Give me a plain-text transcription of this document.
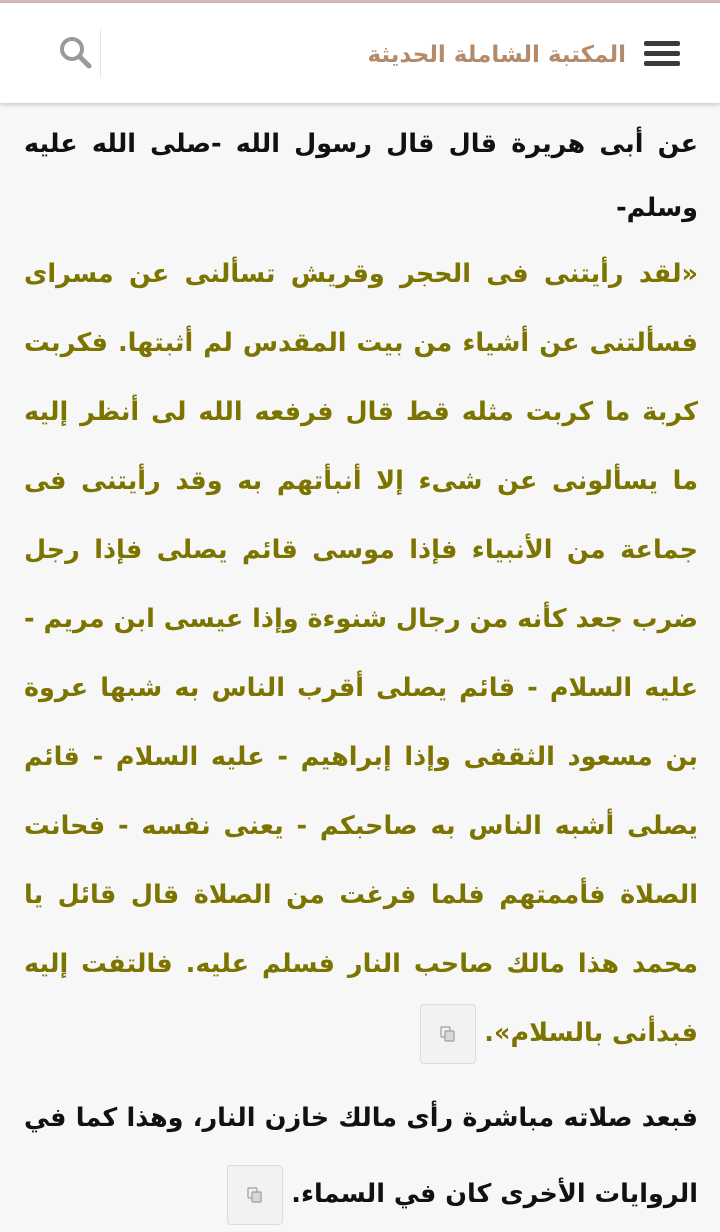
المكتبة الشاملة الحديثة

عن أبى هريرة قال قال رسول الله -صلى الله عليه وسلم-

«لقد رأيتنى فى الحجر وقريش تسألنى عن مسراى فسألتنى عن أشياء من بيت المقدس لم أثبتها. فكربت كربة ما كربت مثله قط قال فرفعه الله لى أنظر إليه ما يسألونى عن شىء إلا أنبأتهم به وقد رأيتنى فى جماعة من الأنبياء فإذا موسى قائم يصلى فإذا رجل ضرب جعد كأنه من رجال شنوءة وإذا عيسى ابن مريم - عليه السلام - قائم يصلى أقرب الناس به شبها عروة بن مسعود الثقفى وإذا إبراهيم - عليه السلام - قائم يصلى أشبه الناس به صاحبكم - يعنى نفسه - فحانت الصلاة فأممتهم فلما فرغت من الصلاة قال قائل يا محمد هذا مالك صاحب النار فسلم عليه. فالتفت إليه فبدأنى بالسلام».

فبعد صلاته مباشرة رأى مالك خازن النار، وهذا كما في الروايات الأخرى كان في السماء.
